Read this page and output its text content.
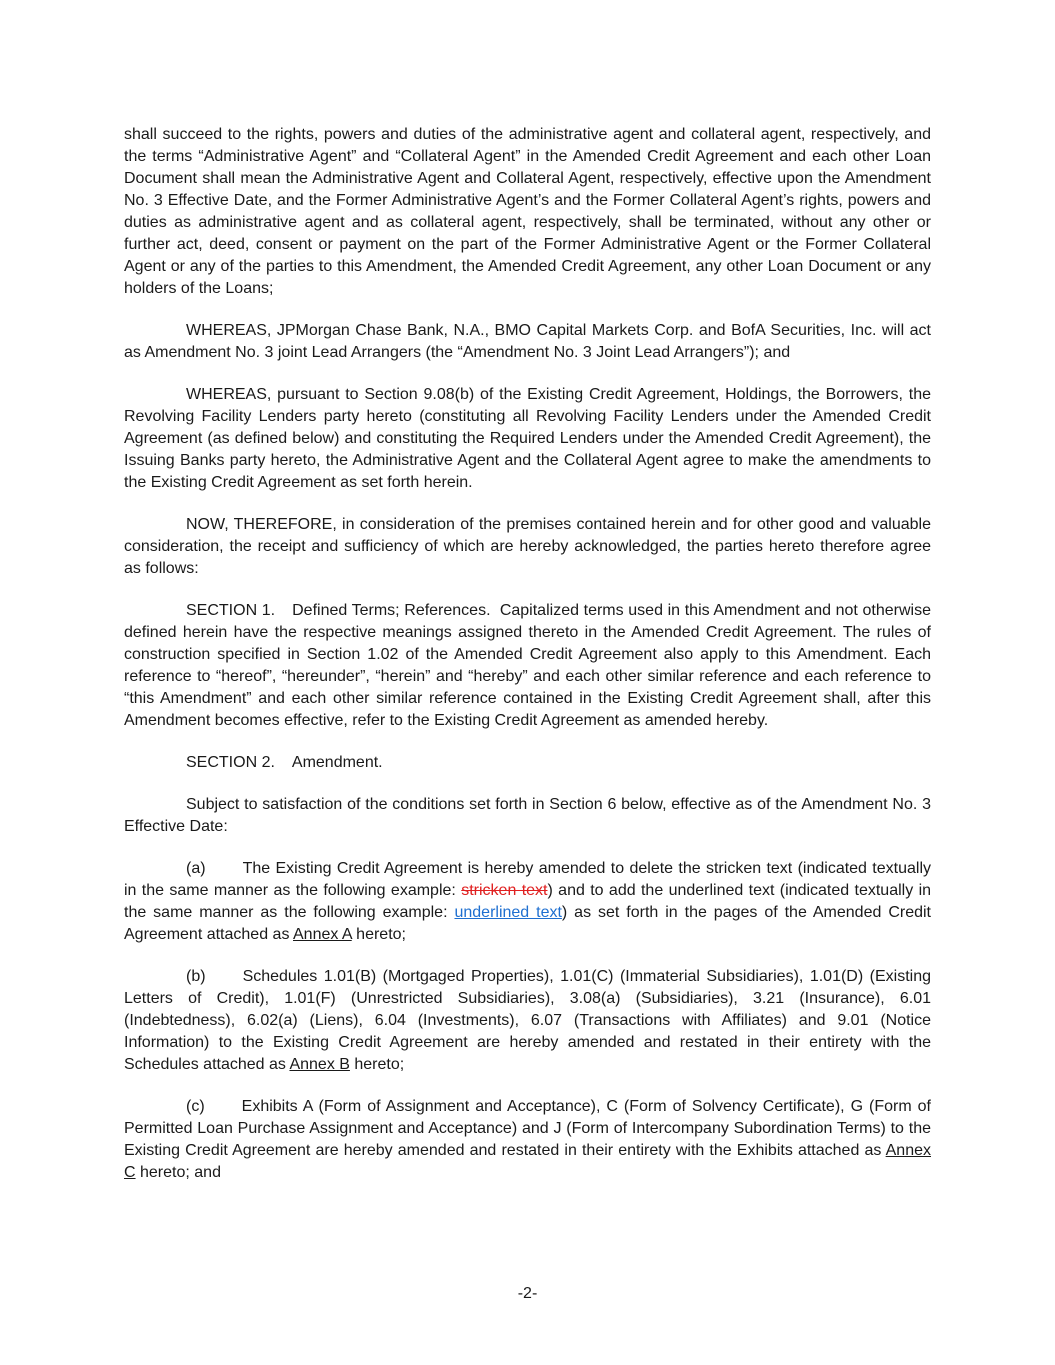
shall succeed to the rights, powers and duties of the administrative agent and collateral agent, respectively, and the terms “Administrative Agent” and “Collateral Agent” in the Amended Credit Agreement and each other Loan Document shall mean the Administrative Agent and Collateral Agent, respectively, effective upon the Amendment No. 3 Effective Date, and the Former Administrative Agent’s and the Former Collateral Agent’s rights, powers and duties as administrative agent and as collateral agent, respectively, shall be terminated, without any other or further act, deed, consent or payment on the part of the Former Administrative Agent or the Former Collateral Agent or any of the parties to this Amendment, the Amended Credit Agreement, any other Loan Document or any holders of the Loans;

WHEREAS, JPMorgan Chase Bank, N.A., BMO Capital Markets Corp. and BofA Securities, Inc. will act as Amendment No. 3 joint Lead Arrangers (the “Amendment No. 3 Joint Lead Arrangers”); and

WHEREAS, pursuant to Section 9.08(b) of the Existing Credit Agreement, Holdings, the Borrowers, the Revolving Facility Lenders party hereto (constituting all Revolving Facility Lenders under the Amended Credit Agreement (as defined below) and constituting the Required Lenders under the Amended Credit Agreement), the Issuing Banks party hereto, the Administrative Agent and the Collateral Agent agree to make the amendments to the Existing Credit Agreement as set forth herein.

NOW, THEREFORE, in consideration of the premises contained herein and for other good and valuable consideration, the receipt and sufficiency of which are hereby acknowledged, the parties hereto therefore agree as follows:

SECTION 1. Defined Terms; References. Capitalized terms used in this Amendment and not otherwise defined herein have the respective meanings assigned thereto in the Amended Credit Agreement. The rules of construction specified in Section 1.02 of the Amended Credit Agreement also apply to this Amendment. Each reference to “hereof”, “hereunder”, “herein” and “hereby” and each other similar reference and each reference to “this Amendment” and each other similar reference contained in the Existing Credit Agreement shall, after this Amendment becomes effective, refer to the Existing Credit Agreement as amended hereby.

SECTION 2. Amendment.

Subject to satisfaction of the conditions set forth in Section 6 below, effective as of the Amendment No. 3 Effective Date:

(a) The Existing Credit Agreement is hereby amended to delete the stricken text (indicated textually in the same manner as the following example: stricken text) and to add the underlined text (indicated textually in the same manner as the following example: underlined text) as set forth in the pages of the Amended Credit Agreement attached as Annex A hereto;

(b) Schedules 1.01(B) (Mortgaged Properties), 1.01(C) (Immaterial Subsidiaries), 1.01(D) (Existing Letters of Credit), 1.01(F) (Unrestricted Subsidiaries), 3.08(a) (Subsidiaries), 3.21 (Insurance), 6.01 (Indebtedness), 6.02(a) (Liens), 6.04 (Investments), 6.07 (Transactions with Affiliates) and 9.01 (Notice Information) to the Existing Credit Agreement are hereby amended and restated in their entirety with the Schedules attached as Annex B hereto;

(c) Exhibits A (Form of Assignment and Acceptance), C (Form of Solvency Certificate), G (Form of Permitted Loan Purchase Assignment and Acceptance) and J (Form of Intercompany Subordination Terms) to the Existing Credit Agreement are hereby amended and restated in their entirety with the Exhibits attached as Annex C hereto; and

-2-
